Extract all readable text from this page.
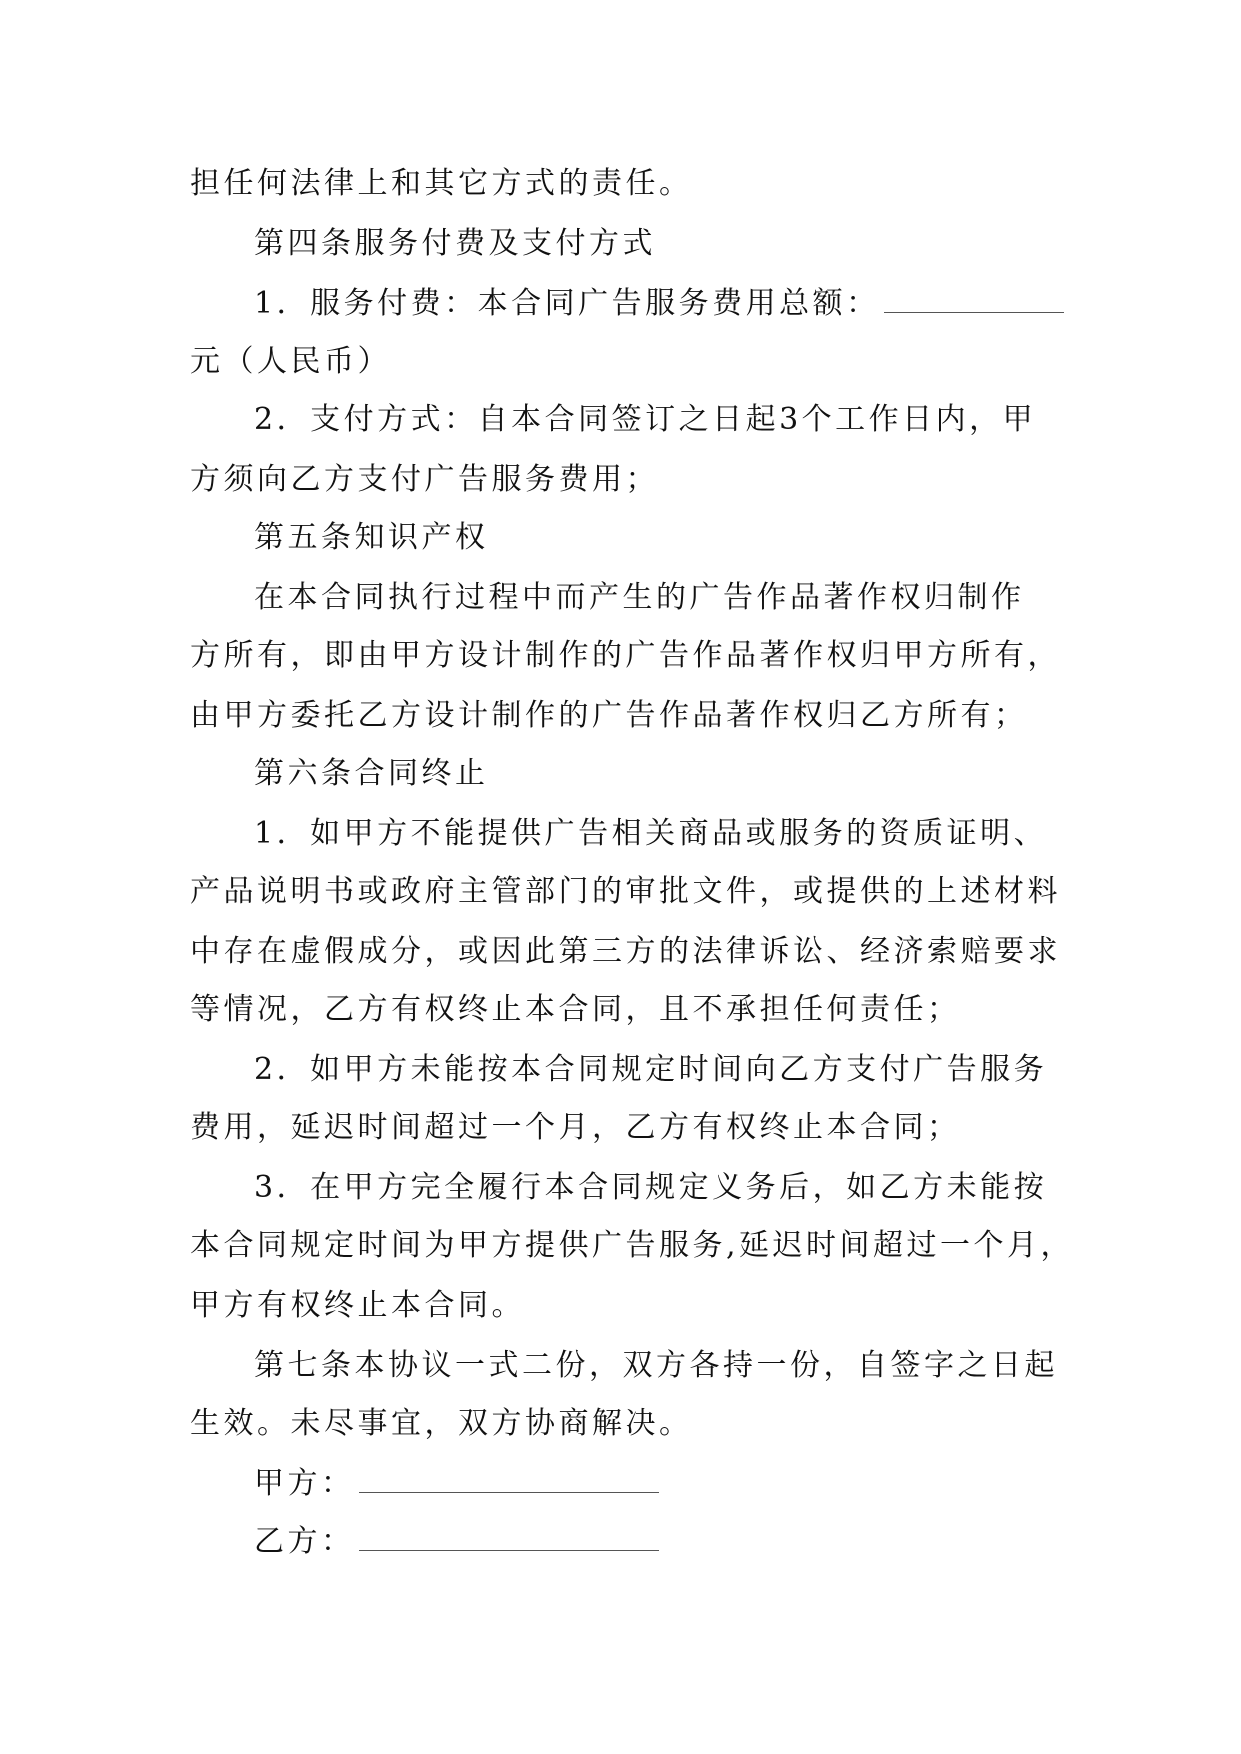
担任何法律上和其它方式的责任。
第四条服务付费及支付方式
1．服务付费：本合同广告服务费用总额：
元（人民币）
2．支付方式：自本合同签订之日起3个工作日内，甲
方须向乙方支付广告服务费用；
第五条知识产权
在本合同执行过程中而产生的广告作品著作权归制作
方所有，即由甲方设计制作的广告作品著作权归甲方所有，
由甲方委托乙方设计制作的广告作品著作权归乙方所有；
第六条合同终止
1．如甲方不能提供广告相关商品或服务的资质证明、
产品说明书或政府主管部门的审批文件，或提供的上述材料
中存在虚假成分，或因此第三方的法律诉讼、经济索赔要求
等情况，乙方有权终止本合同，且不承担任何责任；
2．如甲方未能按本合同规定时间向乙方支付广告服务
费用，延迟时间超过一个月，乙方有权终止本合同；
3．在甲方完全履行本合同规定义务后，如乙方未能按
本合同规定时间为甲方提供广告服务,延迟时间超过一个月，
甲方有权终止本合同。
第七条本协议一式二份，双方各持一份，自签字之日起
生效。未尽事宜，双方协商解决。
甲方：
乙方：
